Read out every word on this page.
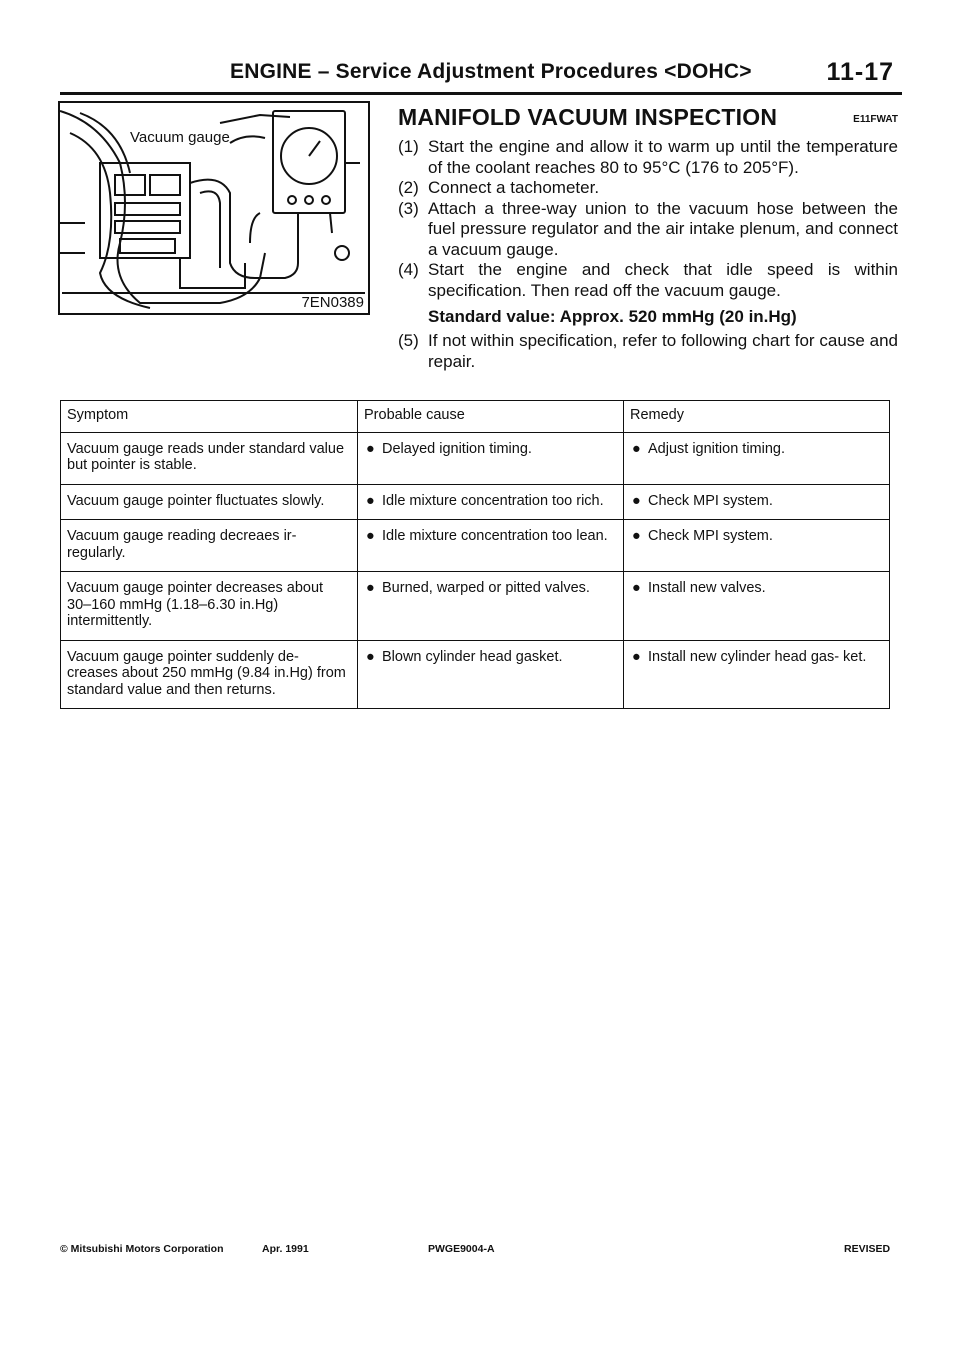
ENGINE – Service Adjustment Procedures <DOHC>	11-17
Vacuum gauge
7EN0389
MANIFOLD VACUUM INSPECTION	E11FWAT
(1) Start the engine and allow it to warm up until the temperature of the coolant reaches 80 to 95°C (176 to 205°F).
(2) Connect a tachometer.
(3) Attach a three-way union to the vacuum hose between the fuel pressure regulator and the air intake plenum, and connect a vacuum gauge.
(4) Start the engine and check that idle speed is within specification. Then read off the vacuum gauge.
Standard value: Approx. 520 mmHg (20 in.Hg)
(5) If not within specification, refer to following chart for cause and repair.
Symptom	Probable cause	Remedy
Vacuum gauge reads under standard value but pointer is stable.	● Delayed ignition timing.	● Adjust ignition timing.

Vacuum gauge pointer fluctuates slowly.	● Idle mixture concentration too rich.	● Check MPI system.

Vacuum gauge reading decreaes ir- regularly.	● Idle mixture concentration too lean.	● Check MPI system.

Vacuum gauge pointer decreases about 30–160 mmHg (1.18–6.30 in.Hg) intermittently.	● Burned, warped or pitted valves.	● Install new valves.

Vacuum gauge pointer suddenly de- creases about 250 mmHg (9.84 in.Hg) from standard value and then returns.	● Blown cylinder head gasket.	● Install new cylinder head gas- ket.
© Mitsubishi Motors Corporation	Apr. 1991	PWGE9004-A	REVISED
